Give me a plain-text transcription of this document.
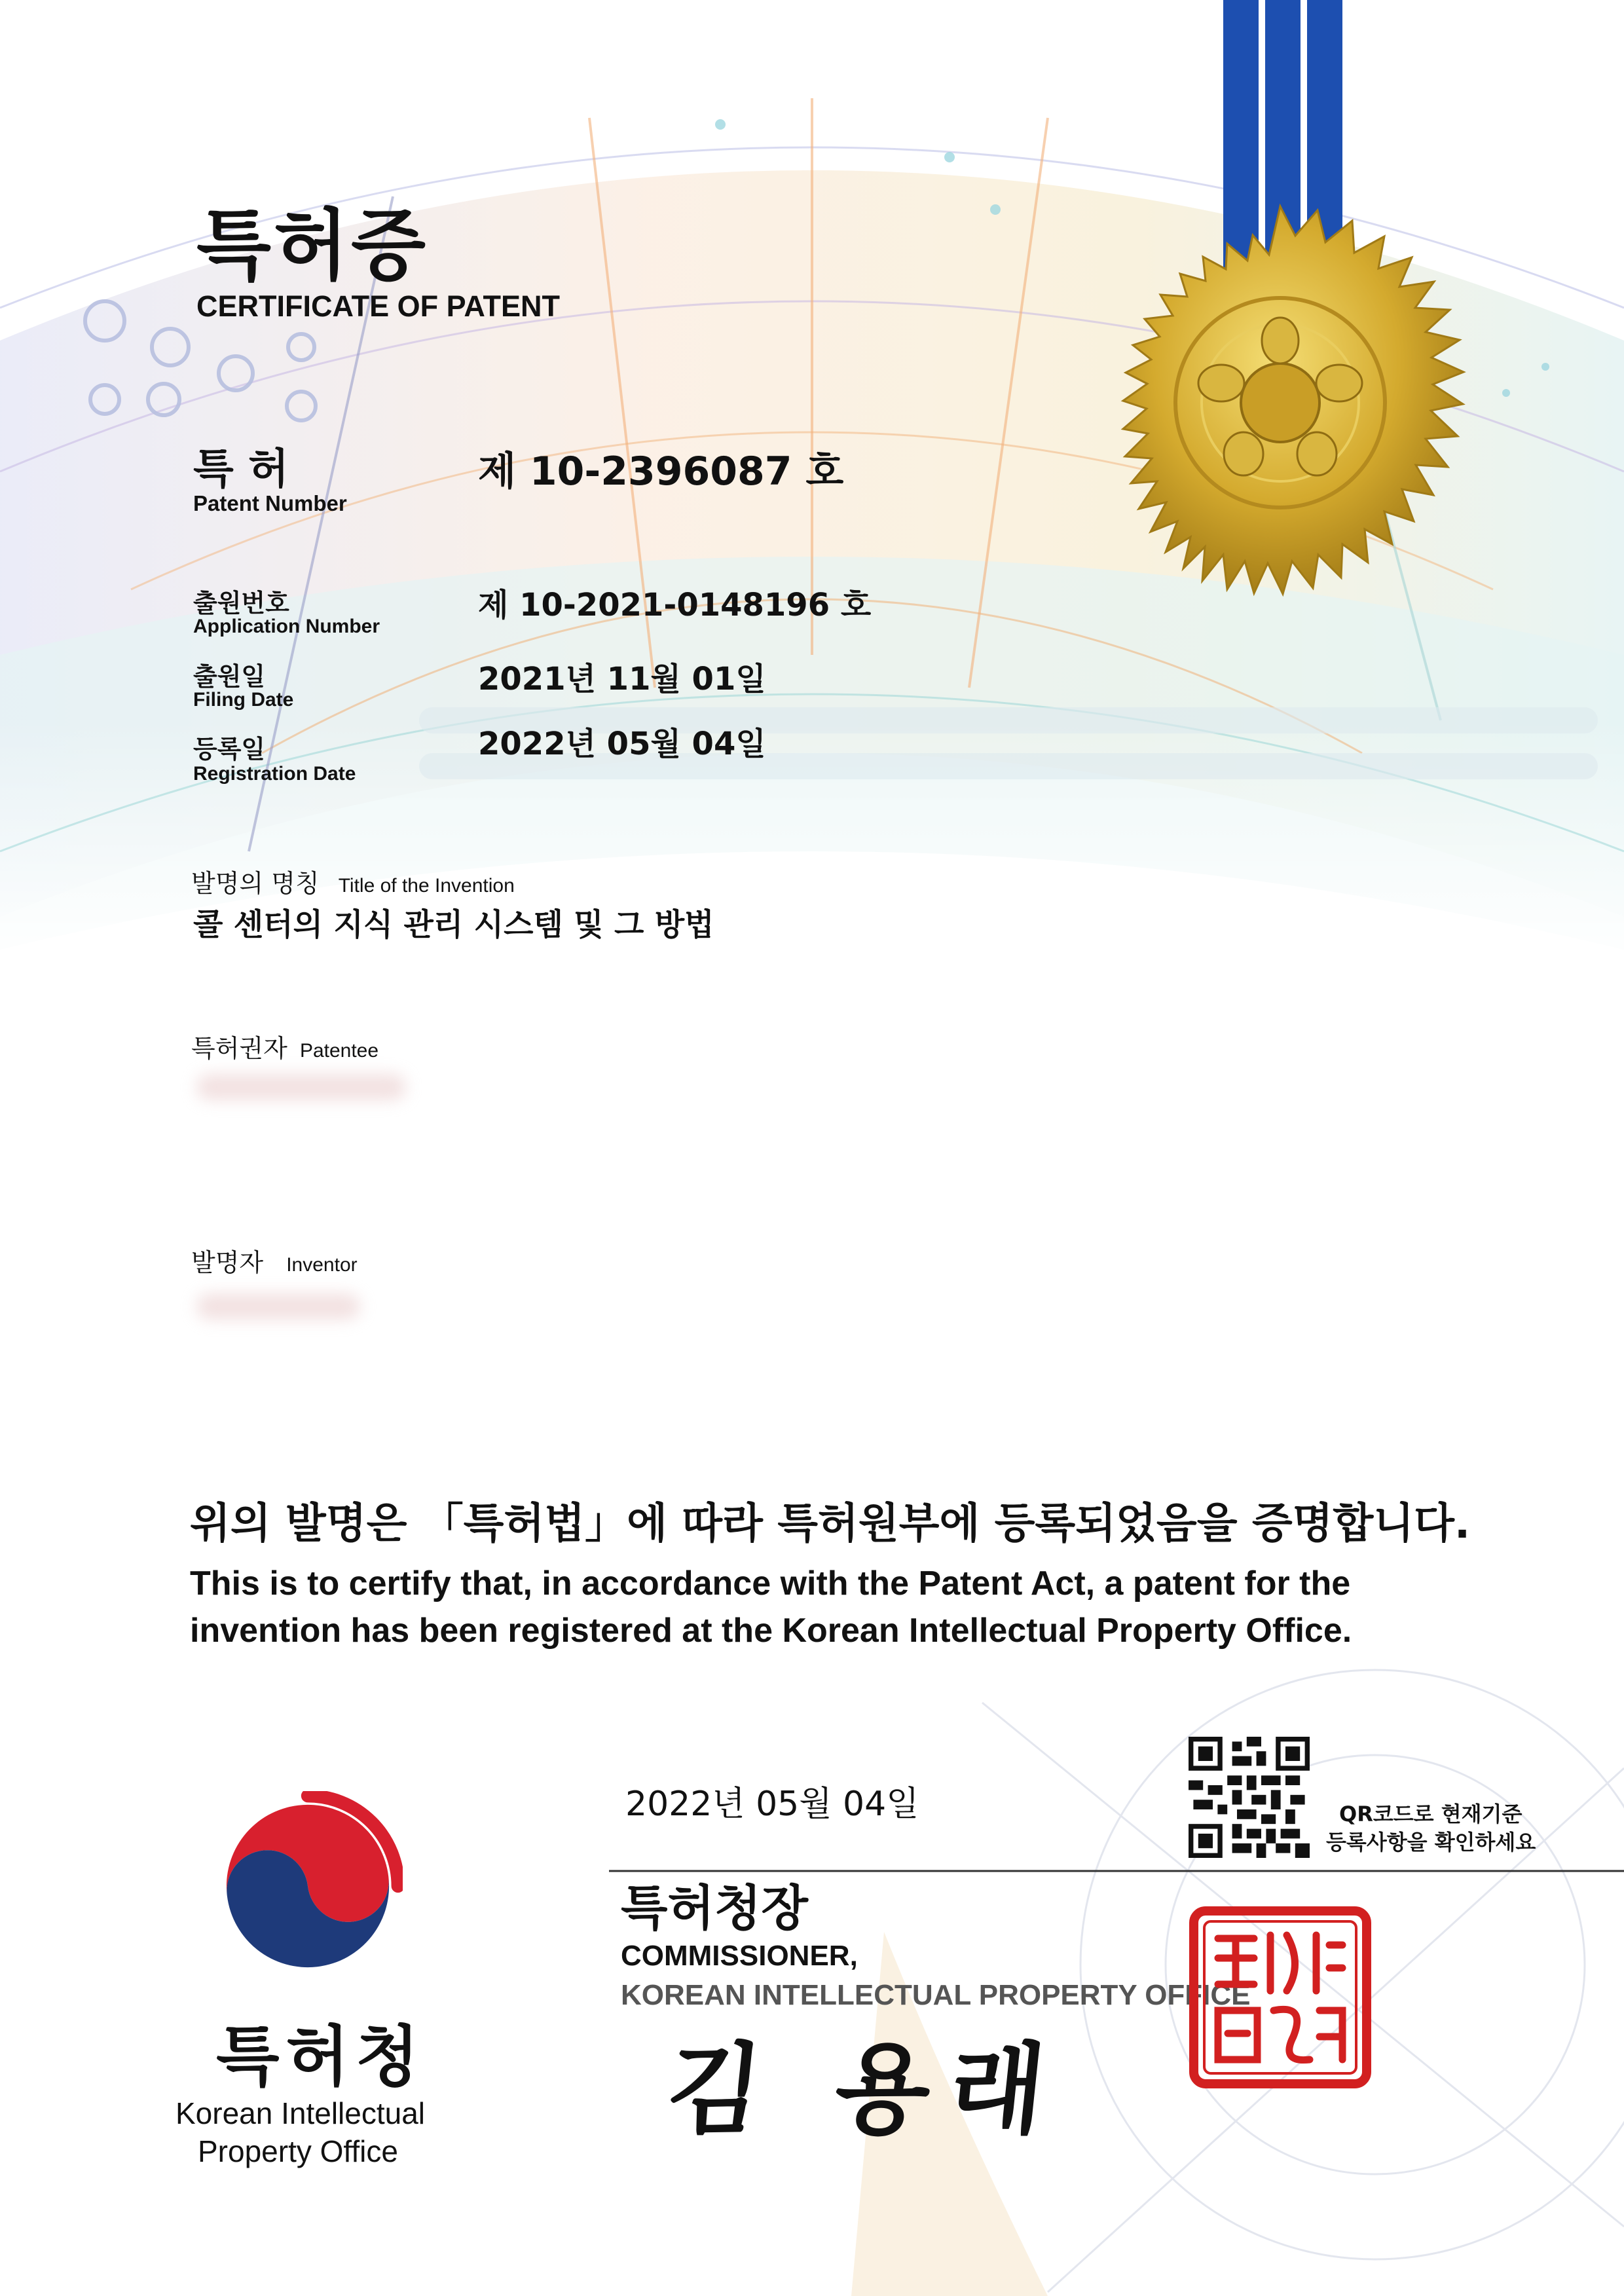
특허증
CERTIFICATE OF PATENT
특 허
Patent Number
제 10-2396087 호
출원번호
Application Number
제 10-2021-0148196 호
출원일
Filing Date
2021년 11월 01일
등록일
Registration Date
2022년 05월 04일
발명의 명칭 Title of the Invention
콜 센터의 지식 관리 시스템 및 그 방법
특허권자 Patentee
발명자 Inventor
위의 발명은 「특허법」에 따라 특허원부에 등록되었음을 증명합니다.
This is to certify that, in accordance with the Patent Act, a patent for the
invention has been registered at the Korean Intellectual Property Office.
2022년 05월 04일	QR코드로 현재기준
등록사항을 확인하세요
특허청장
COMMISSIONER,
KOREAN INTELLECTUAL PROPERTY OFFICE
김 용래
특허청
Korean Intellectual
Property Office
